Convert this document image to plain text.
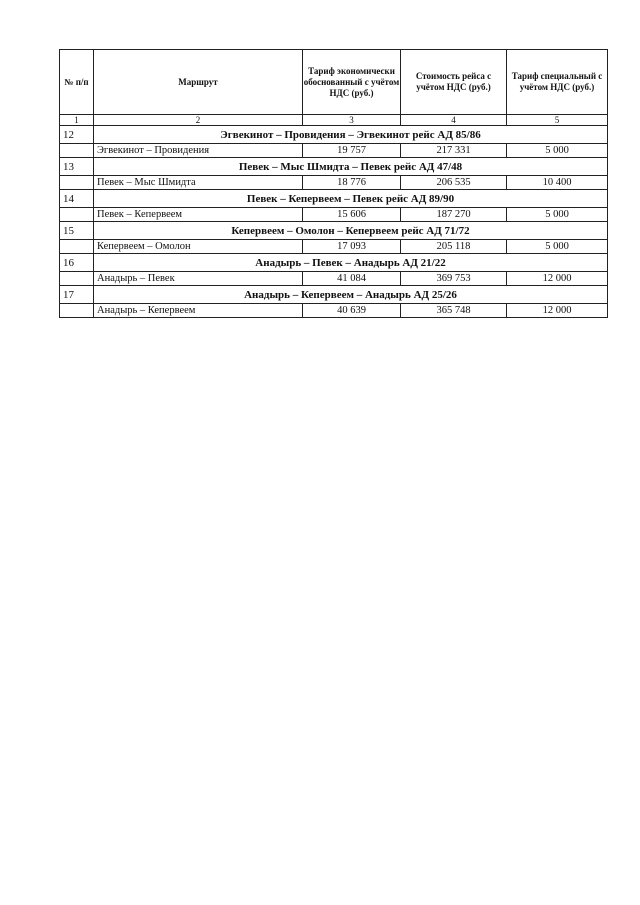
№ п/п	Маршрут	Тариф экономически обоснованный с учётом НДС (руб.)	Стоимость рейса с учётом НДС (руб.)	Тариф специальный с учётом НДС (руб.)
1	2	3	4	5
12	Эгвекинот – Провидения – Эгвекинот рейс АД 85/86			
	Эгвекинот – Провидения	19 757	217 331	5 000
13	Певек – Мыс Шмидта – Певек рейс АД 47/48			
	Певек – Мыс Шмидта	18 776	206 535	10 400
14	Певек – Кепервеем – Певек рейс АД 89/90			
	Певек – Кепервеем	15 606	187 270	5 000
15	Кепервеем – Омолон – Кепервеем рейс АД 71/72			
	Кепервеем – Омолон	17 093	205 118	5 000
16	Анадырь – Певек – Анадырь АД 21/22			
	Анадырь – Певек	41 084	369 753	12 000
17	Анадырь – Кепервеем – Анадырь АД 25/26			
	Анадырь – Кепервеем	40 639	365 748	12 000
